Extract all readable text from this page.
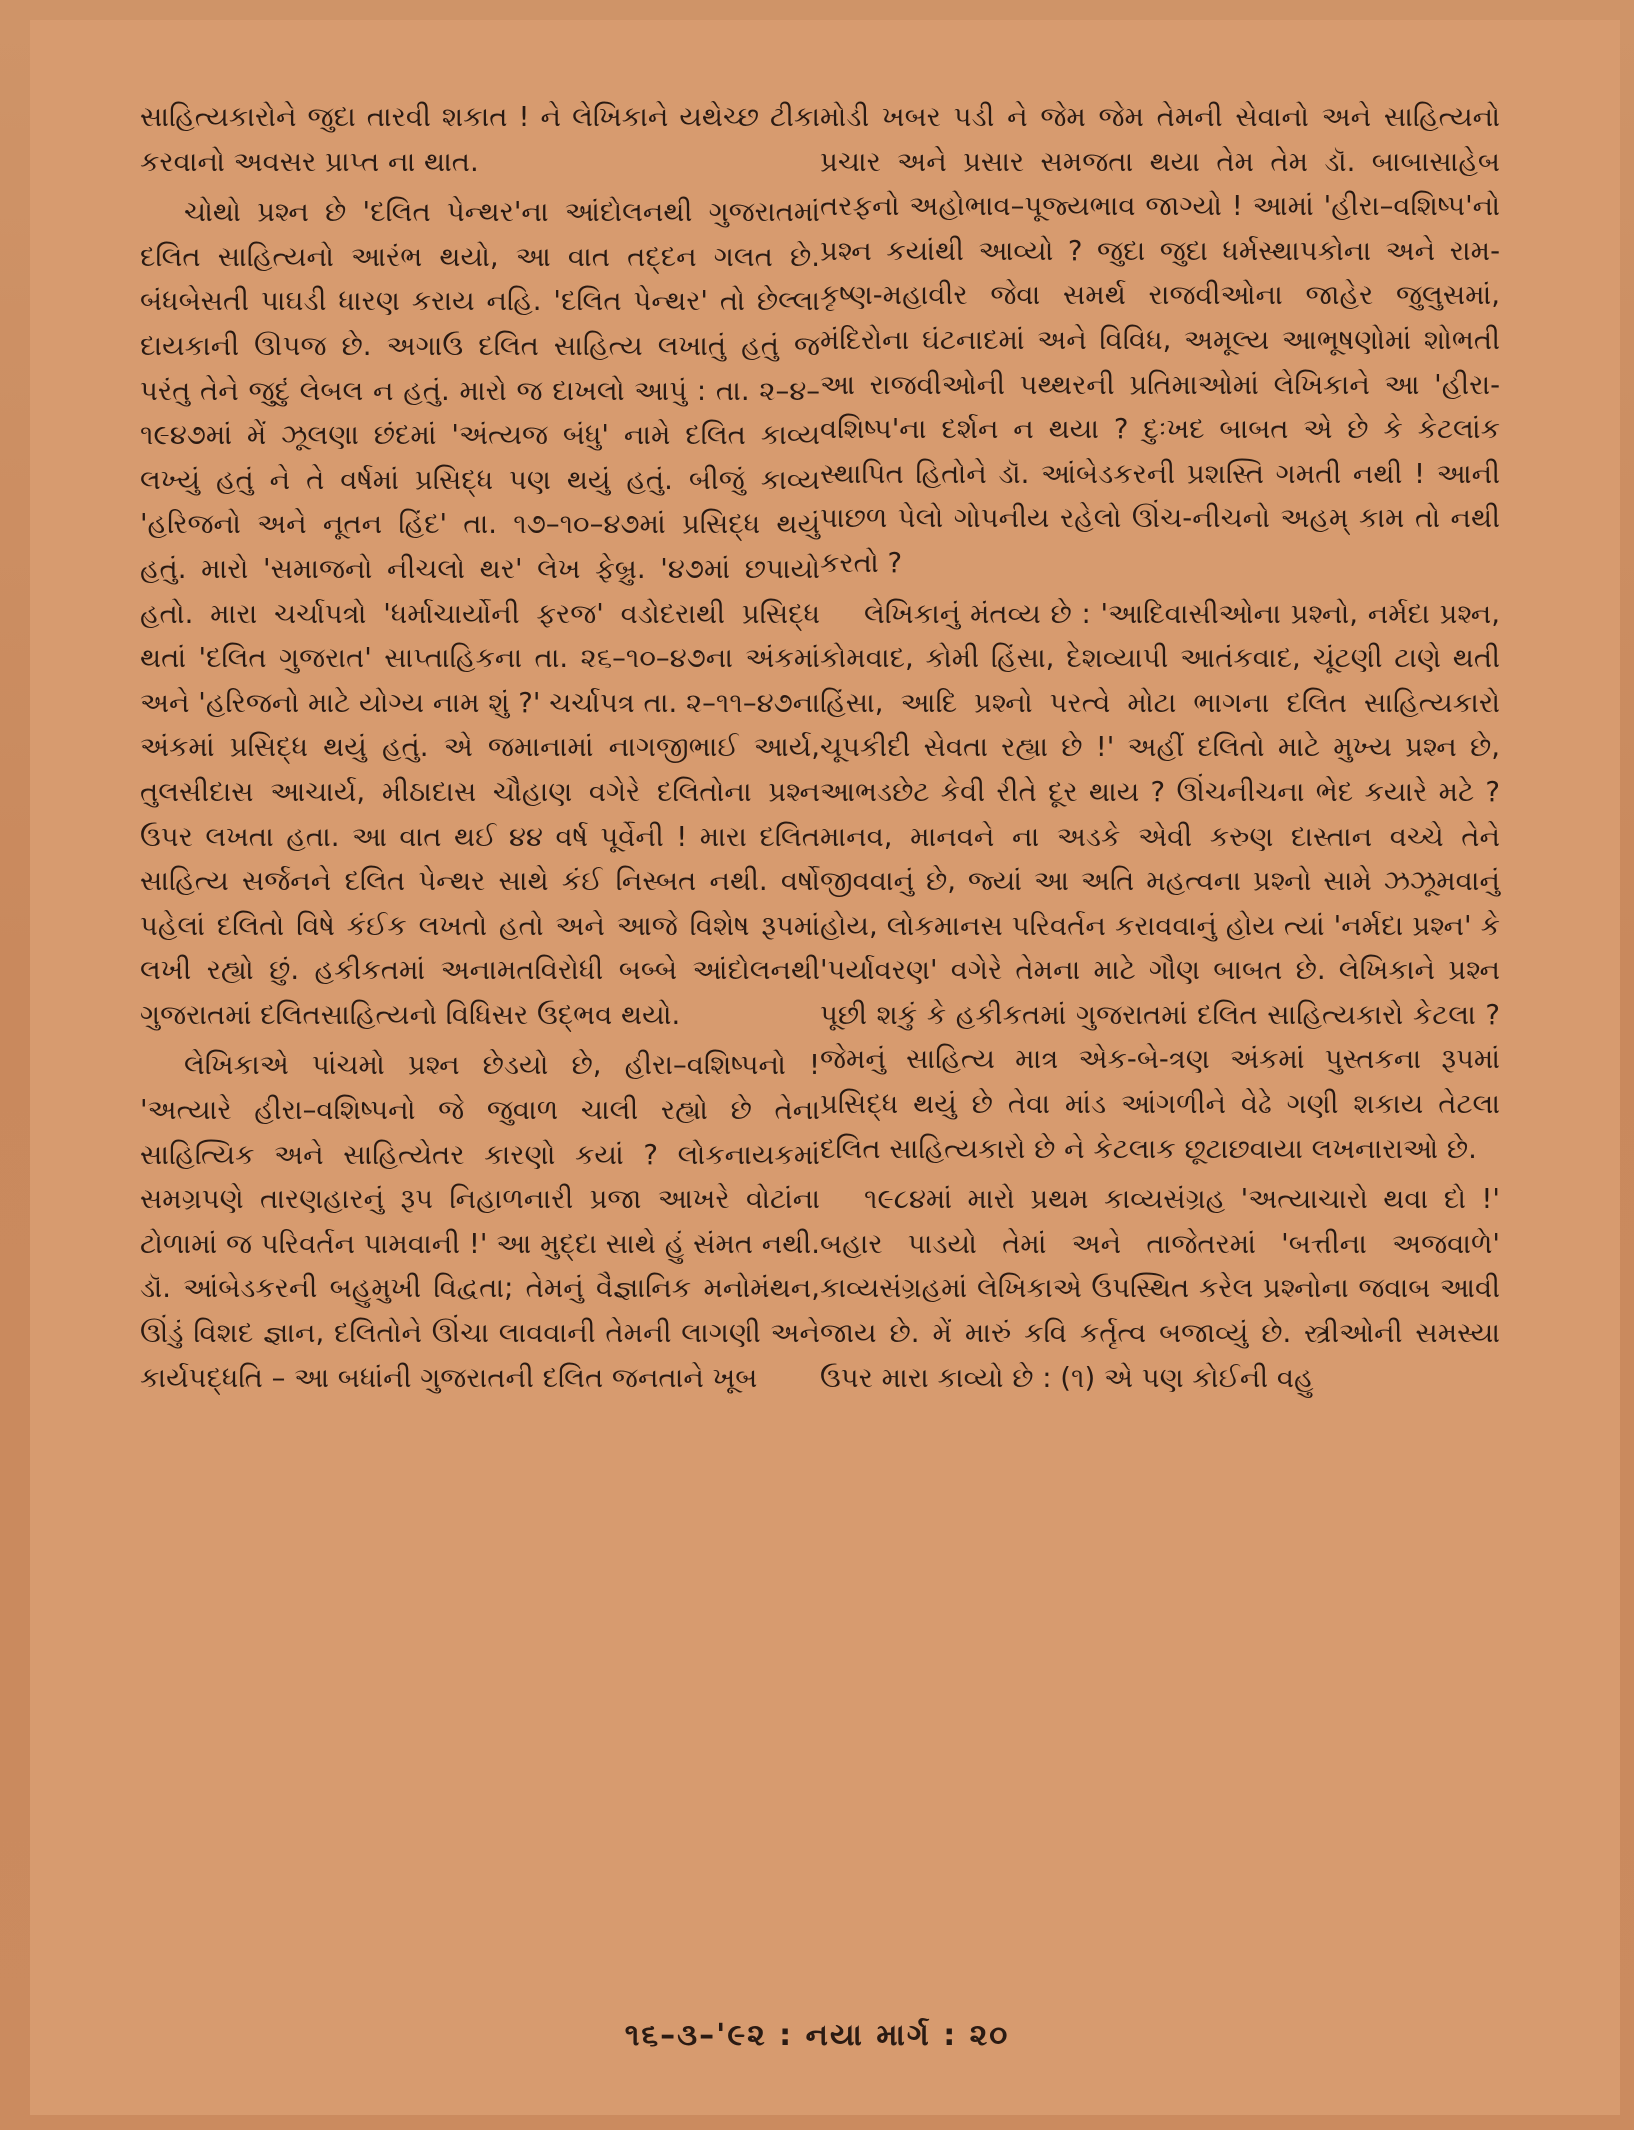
સાહિત્યકારોને જુદા તારવી શકાત ! ને લેખિકાને યથેચ્છ ટીકા કરવાનો અવસર પ્રાપ્ત ના થાત.

ચોથો પ્રશ્ન છે 'દલિત પેન્થર'ના આંદોલનથી ગુજરાતમાં દલિત સાહિત્યનો આરંભ થયો, આ વાત તદ્દન ગલત છે. બંધબેસતી પાઘડી ધારણ કરાય નહિ. 'દલિત પેન્થર' તો છેલ્લા દાયકાની ઊપજ છે. અગાઉ દલિત સાહિત્ય લખાતું હતું જ પરંતુ તેને જુદું લેબલ ન હતું. મારો જ દાખલો આપું : તા. ૨–૪–૧૯૪૭માં મેં ઝૂલણા છંદમાં 'અંત્યજ બંધુ' નામે દલિત કાવ્ય લખ્યું હતું ને તે વર્ષમાં પ્રસિદ્ધ પણ થયું હતું. બીજું કાવ્ય 'હરિજનો અને નૂતન હિંદ' તા. ૧૭–૧૦–૪૭માં પ્રસિદ્ધ થયું હતું. મારો 'સમાજનો નીચલો થર' લેખ ફેબ્રુ. '૪૭માં છપાયો હતો. મારા ચર્ચાપત્રો 'ધર્માચાર્યોની ફરજ' વડોદરાથી પ્રસિદ્ધ થતાં 'દલિત ગુજરાત' સાપ્તાહિકના તા. ૨૬–૧૦–૪૭ના અંકમાં અને 'હરિજનો માટે યોગ્ય નામ શું ?' ચર્ચાપત્ર તા. ૨–૧૧–૪૭ના અંકમાં પ્રસિદ્ધ થયું હતું. એ જમાનામાં નાગજીભાઈ આર્ય, તુલસીદાસ આચાર્ય, મીઠાદાસ ચૌહાણ વગેરે દલિતોના પ્રશ્ન ઉપર લખતા હતા. આ વાત થઈ ૪૪ વર્ષ પૂર્વેની ! મારા દલિત સાહિત્ય સર્જનને દલિત પેન્થર સાથે કંઈ નિસ્બત નથી. વર્ષો પહેલાં દલિતો વિષે કંઈક લખતો હતો અને આજે વિશેષ રૂપમાં લખી રહ્યો છું. હકીકતમાં અનામતવિરોધી બબ્બે આંદોલનથી ગુજરાતમાં દલિતસાહિત્યનો વિધિસર ઉદ્ભવ થયો.

લેખિકાએ પાંચમો પ્રશ્ન છેડયો છે, હીરા–વશિષ્પનો ! 'અત્યારે હીરા–વશિષ્પનો જે જુવાળ ચાલી રહ્યો છે તેના સાહિત્યિક અને સાહિત્યેતર કારણો કયાં ? લોકનાયકમાં સમગ્રપણે તારણહારનું રૂપ નિહાળનારી પ્રજા આખરે વોટાંના ટોળામાં જ પરિવર્તન પામવાની !' આ મુદ્દા સાથે હું સંમત નથી. ડૉ. આંબેડકરની બહુમુખી વિદ્વતા; તેમનું વૈજ્ઞાનિક મનોમંથન, ઊંડું વિશદ જ્ઞાન, દલિતોને ઊંચા લાવવાની તેમની લાગણી અને કાર્યપદ્ધતિ – આ બધાંની ગુજરાતની દલિત જનતાને ખૂબ

મોડી ખબર પડી ને જેમ જેમ તેમની સેવાનો અને સાહિત્યનો પ્રચાર અને પ્રસાર સમજતા થયા તેમ તેમ ડૉ. બાબાસાહેબ તરફનો અહોભાવ–પૂજ્યભાવ જાગ્યો ! આમાં 'હીરા–વશિષ્પ'નો પ્રશ્ન કયાંથી આવ્યો ? જુદા જુદા ધર્મસ્થાપકોના અને રામ-કૃષ્ણ-મહાવીર જેવા સમર્થ રાજવીઓના જાહેર જુલુસમાં, મંદિરોના ઘંટનાદમાં અને વિવિધ, અમૂલ્ય આભૂષણોમાં શોભતી આ રાજવીઓની પથ્થરની પ્રતિમાઓમાં લેખિકાને આ 'હીરા-વશિષ્પ'ના દર્શન ન થયા ? દુઃખદ બાબત એ છે કે કેટલાંક સ્થાપિત હિતોને ડૉ. આંબેડકરની પ્રશસ્તિ ગમતી નથી ! આની પાછળ પેલો ગોપનીય રહેલો ઊંચ-નીચનો અહમ્ કામ તો નથી કરતો ?

લેખિકાનું મંતવ્ય છે : 'આદિવાસીઓના પ્રશ્નો, નર્મદા પ્રશ્ન, કોમવાદ, કોમી હિંસા, દેશવ્યાપી આતંકવાદ, ચૂંટણી ટાણે થતી હિંસા, આદિ પ્રશ્નો પરત્વે મોટા ભાગના દલિત સાહિત્યકારો ચૂપકીદી સેવતા રહ્યા છે !' અહીં દલિતો માટે મુખ્ય પ્રશ્ન છે, આભડછેટ કેવી રીતે દૂર થાય ? ઊંચનીચના ભેદ કયારે મટે ? માનવ, માનવને ના અડકે એવી કરુણ દાસ્તાન વચ્ચે તેને જીવવાનું છે, જ્યાં આ અતિ મહત્વના પ્રશ્નો સામે ઝઝૂમવાનું હોય, લોકમાનસ પરિવર્તન કરાવવાનું હોય ત્યાં 'નર્મદા પ્રશ્ન' કે 'પર્યાવરણ' વગેરે તેમના માટે ગૌણ બાબત છે. લેખિકાને પ્રશ્ન પૂછી શકું કે હકીકતમાં ગુજરાતમાં દલિત સાહિત્યકારો કેટલા ? જેમનું સાહિત્ય માત્ર એક-બે-ત્રણ અંકમાં પુસ્તકના રૂપમાં પ્રસિદ્ધ થયું છે તેવા માંડ આંગળીને વેઢે ગણી શકાય તેટલા દલિત સાહિત્યકારો છે ને કેટલાક છૂટાછવાયા લખનારાઓ છે.

૧૯૮૪માં મારો પ્રથમ કાવ્યસંગ્રહ 'અત્યાચારો થવા દો !' બહાર પાડયો તેમાં અને તાજેતરમાં 'બત્તીના અજવાળે' કાવ્યસંગ્રહમાં લેખિકાએ ઉપસ્થિત કરેલ પ્રશ્નોના જવાબ આવી જાય છે. મેં મારું કવિ કર્તૃત્વ બજાવ્યું છે. સ્ત્રીઓની સમસ્યા ઉપર મારા કાવ્યો છે : (૧) એ પણ કોઈની વહુ

૧૬–૩–'૯૨ : નયા માર્ગ : ૨૦
